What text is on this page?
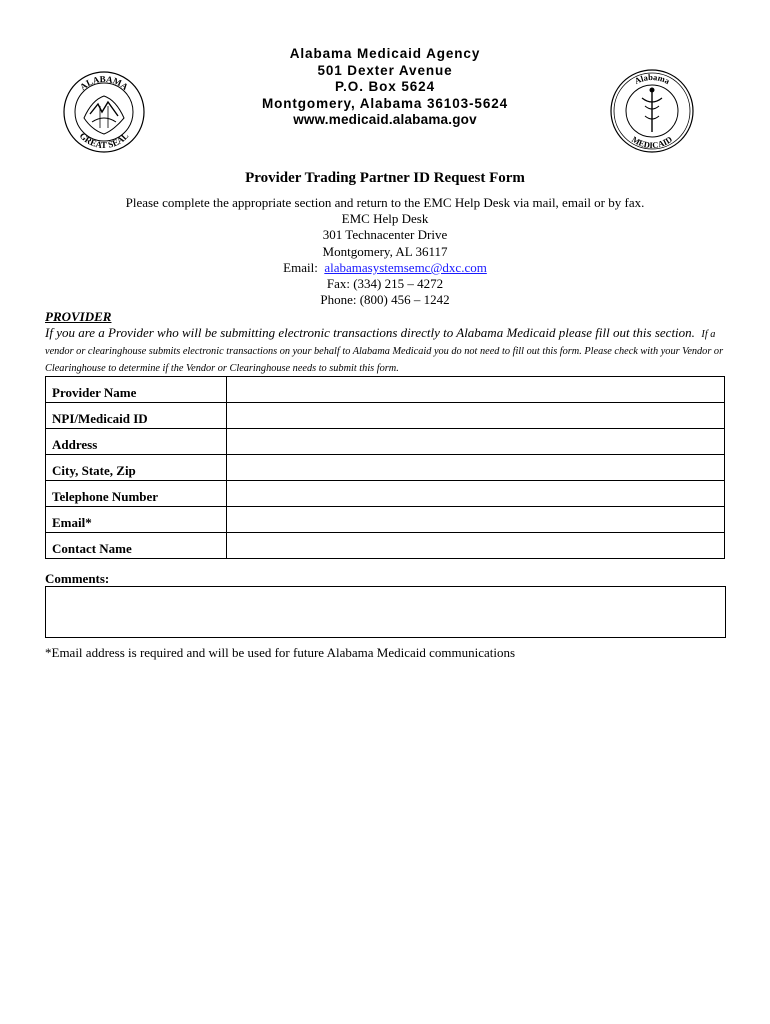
ALABAMA
GREAT SEAL
Alabama
MEDICAID
Alabama Medicaid Agency
501 Dexter Avenue
P.O. Box 5624
Montgomery, Alabama 36103-5624
www.medicaid.alabama.gov
Provider Trading Partner ID Request Form
Please complete the appropriate section and return to the EMC Help Desk via mail, email or by fax.
EMC Help Desk
301 Technacenter Drive
Montgomery, AL 36117
Email: alabamasystemsemc@dxc.com
Fax: (334) 215 – 4272
Phone: (800) 456 – 1242
PROVIDER
If you are a Provider who will be submitting electronic transactions directly to Alabama Medicaid please fill out this section. If a vendor or clearinghouse submits electronic transactions on your behalf to Alabama Medicaid you do not need to fill out this form. Please check with your Vendor or Clearinghouse to determine if the Vendor or Clearinghouse needs to submit this form.
Provider Name	
NPI/Medicaid ID	
Address	
City, State, Zip	
Telephone Number	
Email*	
Contact Name	
Comments:
*Email address is required and will be used for future Alabama Medicaid communications
